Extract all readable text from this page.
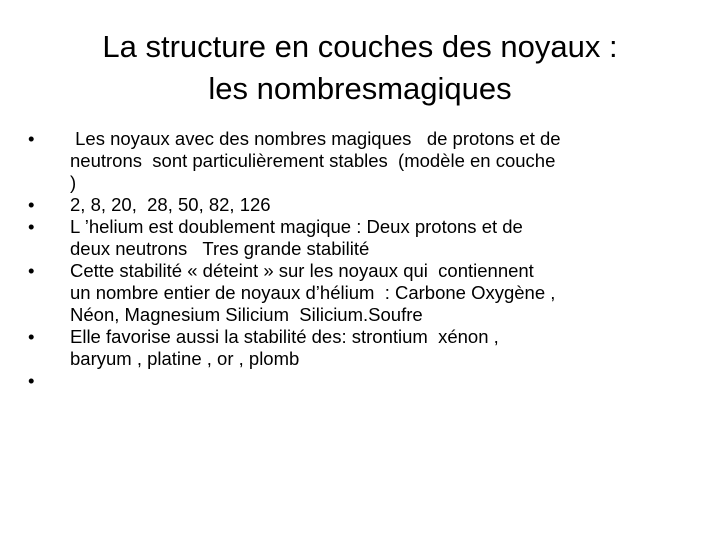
La structure en couches des noyaux :
les nombresmagiques
•	Les noyaux avec des nombres magiques   de protons et de
neutrons  sont particulièrement stables  (modèle en couche
)
•	2, 8, 20,  28, 50, 82, 126
•	L ’helium est doublement magique : Deux protons et de
deux neutrons   Tres grande stabilité
•	Cette stabilité « déteint » sur les noyaux qui  contiennent
un nombre entier de noyaux d’hélium  : Carbone Oxygène ,
Néon, Magnesium Silicium  Silicium.Soufre
•	Elle favorise aussi la stabilité des: strontium  xénon ,
baryum , platine , or , plomb
•
